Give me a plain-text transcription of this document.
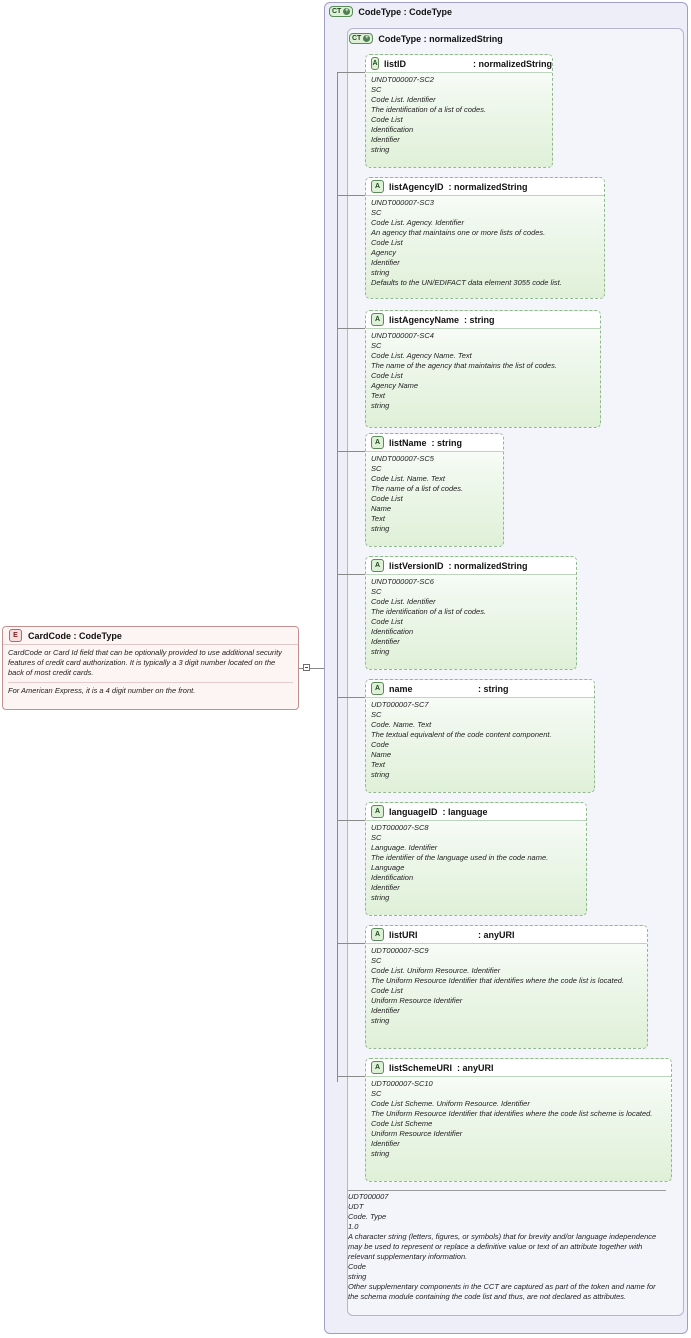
CT + CodeType : CodeType
CT + CodeType : normalizedString
E	CardCode : CodeType
CardCode or Card Id field that can be optionally provided to use additional security features of credit card authorization. It is typically a 3 digit number located on the back of most credit cards.
For American Express, it is a 4 digit number on the front.
A listID	: normalizedString
UNDT000007-SC2
SC
Code List. Identifier
The identification of a list of codes.
Code List
Identification
Identifier
string
A listAgencyID : normalizedString
UNDT000007-SC3
SC
Code List. Agency. Identifier
An agency that maintains one or more lists of codes.
Code List
Agency
Identifier
string
Defaults to the UN/EDIFACT data element 3055 code list.
A listAgencyName : string
UNDT000007-SC4
SC
Code List. Agency Name. Text
The name of the agency that maintains the list of codes.
Code List
Agency Name
Text
string
A listName : string
UNDT000007-SC5
SC
Code List. Name. Text
The name of a list of codes.
Code List
Name
Text
string
A listVersionID : normalizedString
UNDT000007-SC6
SC
Code List. Identifier
The identification of a list of codes.
Code List
Identification
Identifier
string
A name	: string
UDT000007-SC7
SC
Code. Name. Text
The textual equivalent of the code content component.
Code
Name
Text
string
A languageID : language
UDT000007-SC8
SC
Language. Identifier
The identifier of the language used in the code name.
Language
Identification
Identifier
string
A listURI	: anyURI
UDT000007-SC9
SC
Code List. Uniform Resource. Identifier
The Uniform Resource Identifier that identifies where the code list is located.
Code List
Uniform Resource Identifier
Identifier
string
A listSchemeURI : anyURI
UDT000007-SC10
SC
Code List Scheme. Uniform Resource. Identifier
The Uniform Resource Identifier that identifies where the code list scheme is located.
Code List Scheme
Uniform Resource Identifier
Identifier
string
UDT000007
UDT
Code. Type
1.0
A character string (letters, figures, or symbols) that for brevity and/or language independence may be used to represent or replace a definitive value or text of an attribute together with relevant supplementary information.
Code
string
Other supplementary components in the CCT are captured as part of the token and name for the schema module containing the code list and thus, are not declared as attributes.
